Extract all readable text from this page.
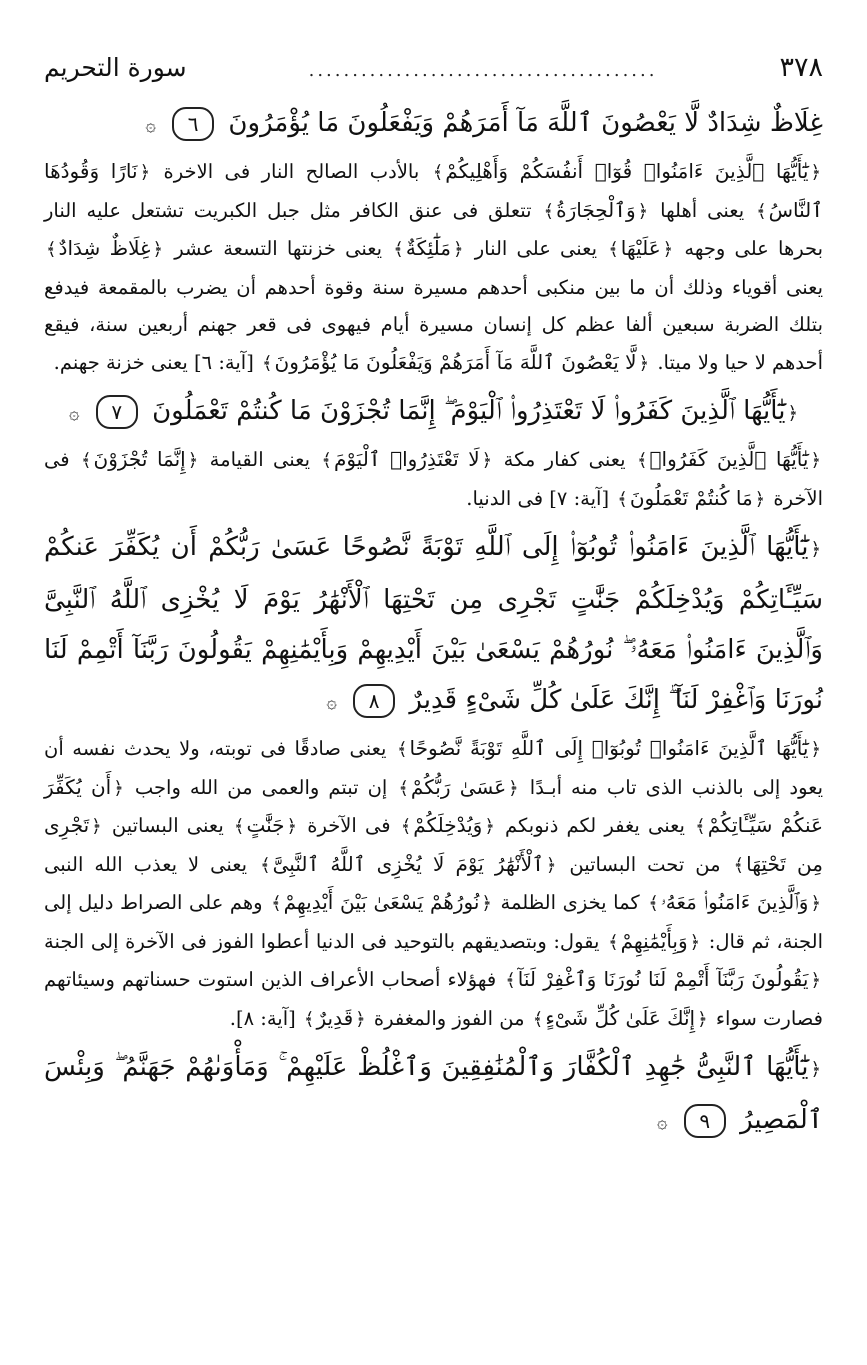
٣٧٨
........................................
سورة التحريم
غِلَاظٌ شِدَادٌ لَّا يَعْصُونَ ٱللَّهَ مَآ أَمَرَهُمْ وَيَفْعَلُونَ مَا يُؤْمَرُونَ ٦ ۞
﴿يَٰٓأَيُّهَا ٱلَّذِينَ ءَامَنُوا۟ قُوٓا۟ أَنفُسَكُمْ وَأَهْلِيكُمْ﴾ بالأدب الصالح النار فى الاخرة ﴿نَارًا وَقُودُهَا ٱلنَّاسُ﴾ يعنى أهلها ﴿وَٱلْحِجَارَةُ﴾ تتعلق فى عنق الكافر مثل جبل الكبريت تشتعل عليه النار بحرها على وجهه ﴿عَلَيْهَا﴾ يعنى على النار ﴿مَلَٰٓئِكَةٌ﴾ يعنى خزنتها التسعة عشر ﴿غِلَاظٌ شِدَادٌ﴾ يعنى أقوياء وذلك أن ما بين منكبى أحدهم مسيرة سنة وقوة أحدهم أن يضرب بالمقمعة فيدفع بتلك الضربة سبعين ألفا عظم كل إنسان مسيرة أيام فيهوى فى قعر جهنم أربعين سنة، فيقع أحدهم لا حيا ولا ميتا. ﴿لَّا يَعْصُونَ ٱللَّهَ مَآ أَمَرَهُمْ وَيَفْعَلُونَ مَا يُؤْمَرُونَ﴾ [آية: ٦] يعنى خزنة جهنم.
﴿يَٰٓأَيُّهَا ٱلَّذِينَ كَفَرُوا۟ لَا تَعْتَذِرُوا۟ ٱلْيَوْمَ ۖ إِنَّمَا تُجْزَوْنَ مَا كُنتُمْ تَعْمَلُونَ ٧ ۞
﴿يَٰٓأَيُّهَا ٱلَّذِينَ كَفَرُوا۟﴾ يعنى كفار مكة ﴿لَا تَعْتَذِرُوا۟ ٱلْيَوْمَ﴾ يعنى القيامة ﴿إِنَّمَا تُجْزَوْنَ﴾ فى الآخرة ﴿مَا كُنتُمْ تَعْمَلُونَ﴾ [آية: ٧] فى الدنيا.
﴿يَٰٓأَيُّهَا ٱلَّذِينَ ءَامَنُوا۟ تُوبُوٓا۟ إِلَى ٱللَّهِ تَوْبَةً نَّصُوحًا عَسَىٰ رَبُّكُمْ أَن يُكَفِّرَ عَنكُمْ سَيِّـَٔاتِكُمْ وَيُدْخِلَكُمْ جَنَّٰتٍ تَجْرِى مِن تَحْتِهَا ٱلْأَنْهَٰرُ يَوْمَ لَا يُخْزِى ٱللَّهُ ٱلنَّبِىَّ وَٱلَّذِينَ ءَامَنُوا۟ مَعَهُۥ ۖ نُورُهُمْ يَسْعَىٰ بَيْنَ أَيْدِيهِمْ وَبِأَيْمَٰنِهِمْ يَقُولُونَ رَبَّنَآ أَتْمِمْ لَنَا نُورَنَا وَٱغْفِرْ لَنَآ ۖ إِنَّكَ عَلَىٰ كُلِّ شَىْءٍ قَدِيرٌ ٨ ۞
﴿يَٰٓأَيُّهَا ٱلَّذِينَ ءَامَنُوا۟ تُوبُوٓا۟ إِلَى ٱللَّهِ تَوْبَةً نَّصُوحًا﴾ يعنى صادقًا فى توبته، ولا يحدث نفسه أن يعود إلى بالذنب الذى تاب منه أبـدًا ﴿عَسَىٰ رَبُّكُمْ﴾ إن تبتم والعمى من الله واجب ﴿أَن يُكَفِّرَ عَنكُمْ سَيِّـَٔاتِكُمْ﴾ يعنى يغفر لكم ذنوبكم ﴿وَيُدْخِلَكُمْ﴾ فى الآخرة ﴿جَنَّٰتٍ﴾ يعنى البساتين ﴿تَجْرِى مِن تَحْتِهَا﴾ من تحت البساتين ﴿ٱلْأَنْهَٰرُ يَوْمَ لَا يُخْزِى ٱللَّهُ ٱلنَّبِىَّ﴾ يعنى لا يعذب الله النبى ﴿وَٱلَّذِينَ ءَامَنُوا۟ مَعَهُۥ﴾ كما يخزى الظلمة ﴿نُورُهُمْ يَسْعَىٰ بَيْنَ أَيْدِيهِمْ﴾ وهم على الصراط دليل إلى الجنة، ثم قال: ﴿وَبِأَيْمَٰنِهِمْ﴾ يقول: وبتصديقهم بالتوحيد فى الدنيا أعطوا الفوز فى الآخرة إلى الجنة ﴿يَقُولُونَ رَبَّنَآ أَتْمِمْ لَنَا نُورَنَا وَٱغْفِرْ لَنَآ﴾ فهؤلاء أصحاب الأعراف الذين استوت حسناتهم وسيئاتهم فصارت سواء ﴿إِنَّكَ عَلَىٰ كُلِّ شَىْءٍ﴾ من الفوز والمغفرة ﴿قَدِيرٌ﴾ [آية: ٨].
﴿يَٰٓأَيُّهَا ٱلنَّبِىُّ جَٰهِدِ ٱلْكُفَّارَ وَٱلْمُنَٰفِقِينَ وَٱغْلُظْ عَلَيْهِمْ ۚ وَمَأْوَىٰهُمْ جَهَنَّمُ ۖ وَبِئْسَ ٱلْمَصِيرُ ٩ ۞
